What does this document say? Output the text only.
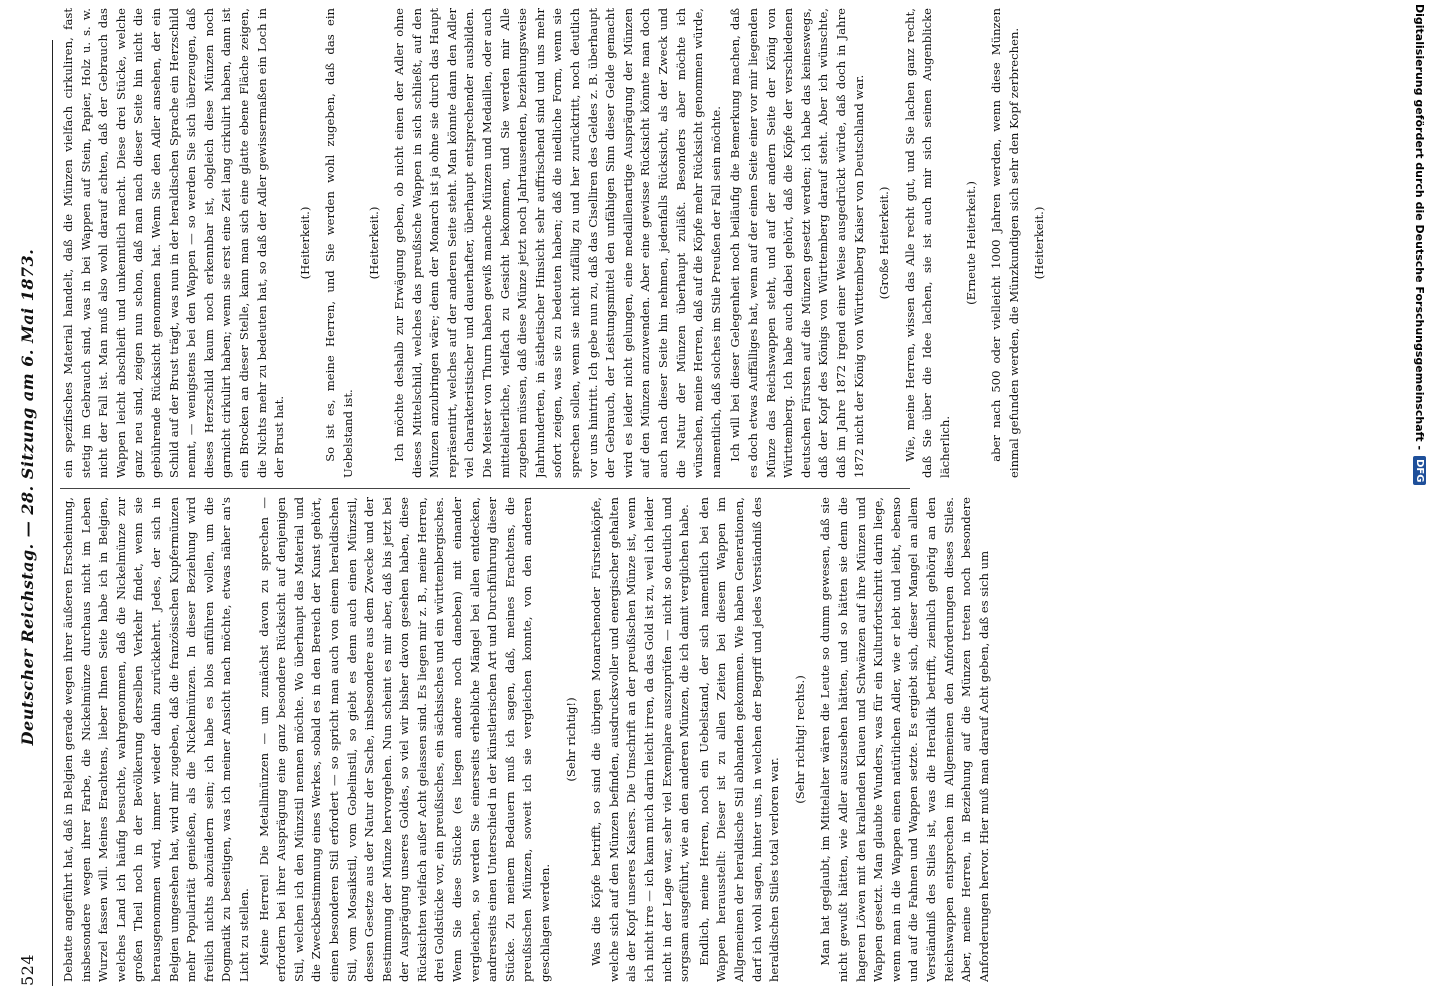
524
Deutscher Reichstag. — 28. Sitzung am 6. Mai 1873. Debatte angeführt hat, daß in Belgien gerade wegen ihrer äußeren Erscheinung, insbesondere wegen ihrer Farbe, die Nickelmünze durchaus nicht im Leben Wurzel fassen will. Meines Erachtens, lieber Ihnen Seite habe ich in Belgien, welches Land ich häufig besuchte, wahrgenommen, daß die Nickelmünze zur großen Theil noch in der Bevölkerung derselben Verkehr findet, wenn sie herausgenommen wird, immer wieder dahin zurückkehrt. Jedes, der sich in Belgien umgesehen hat, wird mir zugeben, daß die französischen Kupfermünzen mehr Popularität genießen, als die Nickelmünzen. In dieser Beziehung wird freilich nichts abzuändern sein; ich habe es blos anführen wollen, um die Dogmatik zu beseitigen, was ich meiner Ansicht nach möchte, etwas näher an's Licht zu stellen. Meine Herren! Die Metallmünzen — um zunächst davon zu sprechen — erfordern bei ihrer Ausprägung eine ganz besondere Rücksicht auf denjenigen Stil, welchen ich den Münzstil nennen möchte. Wo überhaupt das Material und die Zweckbestimmung eines Werkes, sobald es in den Bereich der Kunst gehört, einen besonderen Stil erfordert — so spricht man auch von einem heraldischen Stil, vom Mosaikstil, vom Gobelinstil, so giebt es denn auch einen Münzstil, dessen Gesetze aus der Natur der Sache, insbesondere aus dem Zwecke und der Bestimmung der Münze hervorgehen. Nun scheint es mir aber, daß bis jetzt bei der Ausprägung unseres Goldes, so viel wir bisher davon gesehen haben, diese Rücksichten vielfach außer Acht gelassen sind. Es liegen mir z. B., meine Herren, drei Goldstücke vor, ein preußisches, ein sächsisches und ein württembergisches. Wenn Sie diese Stücke (es liegen andere noch daneben) mit einander vergleichen, so werden Sie einerseits erhebliche Mängel bei allen entdecken, andrerseits einen Unterschied in der künstlerischen Art und Durchführung dieser Stücke. Zu meinem Bedauern muß ich sagen, daß, meines Erachtens, die preußischen Münzen, soweit ich sie vergleichen konnte, von den anderen geschlagen werden.

(Sehr richtig!) Was die Köpfe betrifft, so sind die übrigen Monarchenoder Fürstenköpfe, welche sich auf den Münzen befinden, ausdrucksvoller und energischer gehalten als der Kopf unseres Kaisers. Die Umschrift an der preußischen Münze ist, wenn ich nicht irre — ich kann mich darin leicht irren, da das Gold ist zu, weil ich leider nicht in der Lage war, sehr viel Exemplare auszuprüfen — nicht so deutlich und sorgsam ausgeführt, wie an den anderen Münzen, die ich damit verglichen habe. Endlich, meine Herren, noch ein Uebelstand, der sich namentlich bei den Wappen herausstellt: Dieser ist zu allen Zeiten bei diesem Wappen im Allgemeinen der heraldische Stil abhanden gekommen. Wie haben Generationen, darf ich wohl sagen, hinter uns, in welchen der Begriff und jedes Verständniß des heraldischen Stiles total verloren war.

(Sehr richtig! rechts.) Man hat geglaubt, im Mittelalter wären die Leute so dumm gewesen, daß sie nicht gewußt hätten, wie Adler auszusehen hätten, und so hätten sie denn die hageren Löwen mit den krallenden Klauen und Schwänzen auf ihre Münzen und Wappen gesetzt. Man glaubte Wunders, was für ein Kulturfortschritt darin liege, wenn man in die Wappen einen natürlichen Adler, wie er lebt und leibt, ebenso und auf die Fahnen und Wappen setzte. Es ergiebt sich, dieser Mangel an allem Verständniß des Stiles ist, was die Heraldik betrifft, ziemlich gehörig an den Reichswappen entsprechen im Allgemeinen den Anforderungen dieses Stiles. Aber, meine Herren, in Beziehung auf die Münzen treten noch besondere Anforderungen hervor. Hier muß man darauf Acht geben, daß es sich um

ein spezifisches Material handelt, daß die Münzen vielfach cirkuliren, fast stetig im Gebrauch sind, was in bei Wappen auf Stein, Papier, Holz u. s. w. nicht der Fall ist. Man muß also wohl darauf achten, daß der Gebrauch das Wappen leicht abschleift und unkenntlich macht. Diese drei Stücke, welche ganz neu sind, zeigen nun schon, daß man nach dieser Seite hin nicht die gebührende Rücksicht genommen hat. Wenn Sie den Adler ansehen, der ein Schild auf der Brust trägt, was nun in der heraldischen Sprache ein Herzschild nennt, — wenigstens bei den Wappen — so werden Sie sich überzeugen, daß dieses Herzschild kaum noch erkennbar ist, obgleich diese Münzen noch garnicht cirkulirt haben; wenn sie erst eine Zeit lang cirkulirt haben, dann ist ein Brocken an dieser Stelle, kann man sich eine glatte ebene Fläche zeigen, die Nichts mehr zu bedeuten hat, so daß der Adler gewissermaßen ein Loch in der Brust hat.

(Heiterkeit.) So ist es, meine Herren, und Sie werden wohl zugeben, daß das ein Uebelstand ist.

(Heiterkeit.) Ich möchte deshalb zur Erwägung geben, ob nicht einen der Adler ohne dieses Mittelschild, welches das preußische Wappen in sich schließt, auf den Münzen anzubringen wäre; denn der Monarch ist ja ohne sie durch das Haupt repräsentirt, welches auf der anderen Seite steht. Man könnte dann den Adler viel charakteristischer und dauerhafter, überhaupt entsprechender ausbilden. Die Meister von Thurn haben gewiß manche Münzen und Medaillen, oder auch mittelalterliche, vielfach zu Gesicht bekommen, und Sie werden mir Alle zugeben müssen, daß diese Münze jetzt noch Jahrtausenden, beziehungsweise Jahrhunderten, in ästhetischer Hinsicht sehr auffrischend sind und uns mehr sofort zeigen, was sie zu bedeuten haben; daß die niedliche Form, wenn sie sprechen sollen, wenn sie nicht zufällig zu und her zurücktritt, noch deutlich vor uns hintritt. Ich gebe nun zu, daß das Ciselliren des Geldes z. B. überhaupt der Gebrauch, der Leistungsmittel den unfähigen Sinn dieser Gelde gemacht wird es leider nicht gelungen, eine medaillenartige Ausprägung der Münzen auf den Münzen anzuwenden. Aber eine gewisse Rücksicht könnte man doch auch nach dieser Seite hin nehmen, jedenfalls Rücksicht, als der Zweck und die Natur der Münzen überhaupt zuläßt. Besonders aber möchte ich wünschen, meine Herren, daß auf die Köpfe mehr Rücksicht genommen würde, namentlich, daß solches im Stile Preußen der Fall sein möchte. Ich will bei dieser Gelegenheit noch beiläufig die Bemerkung machen, daß es doch etwas Auffälliges hat, wenn auf der einen Seite einer vor mir liegenden Münze das Reichswappen steht, und auf der andern Seite der König von Württemberg. Ich habe auch dabei gehört, daß die Köpfe der verschiedenen deutschen Fürsten auf die Münzen gesetzt werden; ich habe das keineswegs, daß der Kopf des Königs von Württemberg darauf steht. Aber ich wünschte, daß im Jahre 1872 irgend einer Weise ausgedrückt würde, daß doch in Jahre 1872 nicht der König von Württemberg Kaiser von Deutschland war. (Große Heiterkeit.) Wie, meine Herren, wissen das Alle recht gut, und Sie lachen ganz recht, daß Sie über die Idee lachen, sie ist auch mir sich seinen Augenblicke lächerlich.

(Erneute Heiterkeit.) aber nach 500 oder vielleicht 1000 Jahren werden, wenn diese Münzen einmal gefunden werden, die Münzkundigen sich sehr den Kopf zerbrechen. (Heiterkeit.)	Digitalisierung gefördert durch die Deutsche Forschungsgemeinschaft -
DFG
